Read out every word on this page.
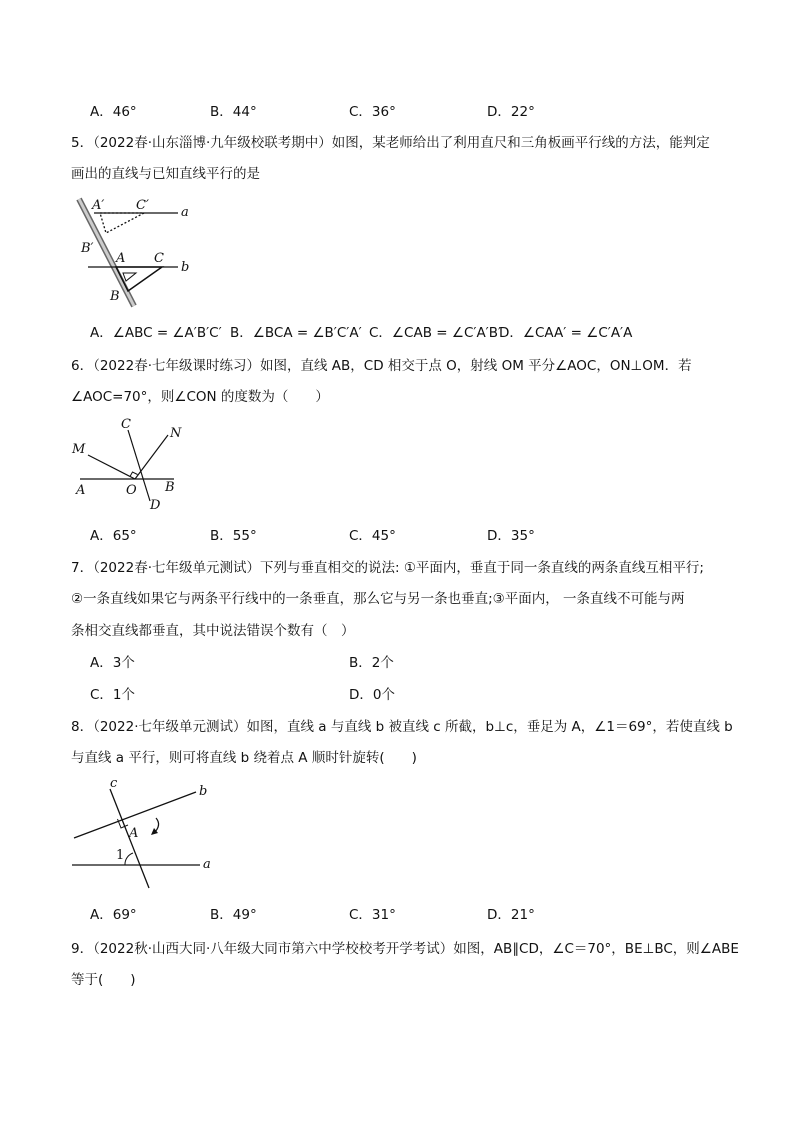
A．46°	B．44°	C．36°	D．22°
5．（2022春·山东淄博·九年级校联考期中）如图，某老师给出了利用直尺和三角板画平行线的方法，能判定
画出的直线与已知直线平行的是
A′ C′ a
B′
A C
b
B
A．∠ABC = ∠A′B′C′ B．∠BCA = ∠B′C′A′ C．∠CAB = ∠C′A′B′
D．∠CAA′ = ∠C′A′A
6．（2022春·七年级课时练习）如图，直线 AB，CD 相交于点 O，射线 OM 平分∠AOC，ON⊥OM．若
∠AOC=70°，则∠CON 的度数为（　　）
C
N
M
A	O B
D
A．65°	B．55°	C．45°	D．35°
7．（2022春·七年级单元测试）下列与垂直相交的说法: ①平面内，垂直于同一条直线的两条直线互相平行;
②一条直线如果它与两条平行线中的一条垂直，那么它与另一条也垂直;③平面内， 一条直线不可能与两
条相交直线都垂直，其中说法错误个数有（　）
A．3个	B．2个
C．1个	D．0个
8．（2022·七年级单元测试）如图，直线 a 与直线 b 被直线 c 所截，b⊥c，垂足为 A，∠1＝69°，若使直线 b
与直线 a 平行，则可将直线 b 绕着点 A 顺时针旋转(　　)
c
b
A
1
a
A．69°	B．49°	C．31°	D．21°
9．（2022秋·山西大同·八年级大同市第六中学校校考开学考试）如图，AB∥CD，∠C＝70°，BE⊥BC，则∠ABE
等于(　　)
